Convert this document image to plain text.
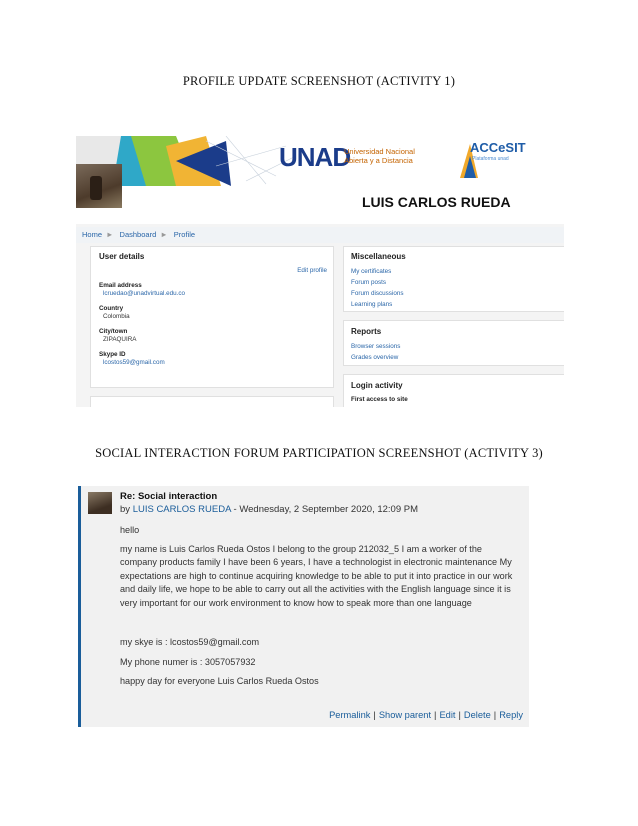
PROFILE UPDATE SCREENSHOT (ACTIVITY 1)
UNAD
Universidad Nacional
Abierta y a Distancia
ACCeSIT
Plataforma unad
LUIS CARLOS RUEDA
Home ► Dashboard ► Profile
User details
Edit profile
Email address
lcruedao@unadvirtual.edu.co
Country
Colombia
City/town
ZIPAQUIRA
Skype ID
lcostos59@gmail.com
Miscellaneous
My certificates
Forum posts
Forum discussions
Learning plans
Reports
Browser sessions
Grades overview
Login activity
First access to site
SOCIAL INTERACTION FORUM PARTICIPATION SCREENSHOT (ACTIVITY 3)
Re: Social interaction
by LUIS CARLOS RUEDA - Wednesday, 2 September 2020, 12:09 PM

hello

my name is Luis Carlos Rueda Ostos I belong to the group 212032_5 I am a worker of the company products family I have been 6 years, I have a technologist in electronic maintenance My expectations are high to continue acquiring knowledge to be able to put it into practice in our work and daily life, we hope to be able to carry out all the activities with the English language since it is very important for our work environment to know how to speak more than one language

my skye is : lcostos59@gmail.com

My phone numer is : 3057057932

happy day for everyone Luis Carlos Rueda Ostos

Permalink | Show parent | Edit | Delete | Reply
